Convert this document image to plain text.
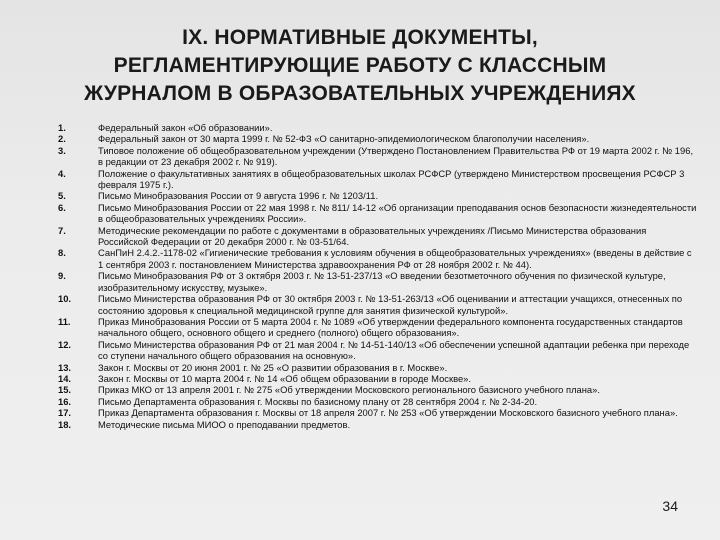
IX. НОРМАТИВНЫЕ ДОКУМЕНТЫ,
РЕГЛАМЕНТИРУЮЩИЕ РАБОТУ С КЛАССНЫМ
ЖУРНАЛОМ В ОБРАЗОВАТЕЛЬНЫХ УЧРЕЖДЕНИЯХ
1.	Федеральный закон «Об образовании».
2.	Федеральный закон от 30 марта 1999 г. № 52-ФЗ «О санитарно-эпидемиологическом благополучии населения».
3.	Типовое положение об общеобразовательном учреждении (Утверждено Постановлением Правительства РФ от 19 марта 2002 г. № 196, в редакции от 23 декабря 2002 г. № 919).
4.	Положение о факультативных занятиях в общеобразовательных школах РСФСР (утверждено Министерством просвещения РСФСР 3 февраля 1975 г.).
5.	Письмо Минобразования России от 9 августа 1996 г. № 1203/11.
6.	Письмо Минобразования России от 22 мая 1998 г. № 811/ 14-12 «Об организации преподавания основ безопасности жизнедеятельности в общеобразовательных учреждениях России».
7.	Методические рекомендации по работе с документами в образовательных учреждениях /Письмо Министерства образования Российской Федерации от 20 декабря 2000 г. № 03-51/64.
8.	СанПиН 2.4.2.-1178-02 «Гигиенические требования к условиям обучения в общеобразовательных учреждениях» (введены в действие с 1 сентября 2003 г. постановлением Министерства здравоохранения РФ от 28 ноября 2002 г. № 44).
9.	Письмо Минобразования РФ от 3 октября 2003 г. № 13-51-237/13 «О введении безотметочного обучения по физической культуре, изобразительному искусству, музыке».
10.	Письмо Министерства образования РФ от 30 октября 2003 г. № 13-51-263/13 «Об оценивании и аттестации учащихся, отнесенных по состоянию здоровья к специальной медицинской группе для занятия физической культурой».
11.	Приказ Минобразования России от 5 марта 2004 г. № 1089 «Об утверждении федерального компонента государственных стандартов начального общего, основного общего и среднего (полного) общего образования».
12.	Письмо Министерства образования РФ от 21 мая 2004 г. № 14-51-140/13 «Об обеспечении успешной адаптации ребенка при переходе со ступени начального общего образования на основную».
13.	Закон г. Москвы от 20 июня 2001 г. № 25 «О развитии образования в г. Москве».
14.	Закон г. Москвы от 10 марта 2004 г. № 14 «Об общем образовании в городе Москве».
15.	Приказ МКО от 13 апреля 2001 г. № 275 «Об утверждении Московского регионального базисного учебного плана».
16.	Письмо Департамента образования г. Москвы по базисному плану от 28 сентября 2004 г. № 2-34-20.
17.	Приказ Департамента образования г. Москвы от 18 апреля 2007 г. № 253 «Об утверждении Московского базисного учебного плана».
18.	Методические письма МИОО о преподавании предметов.
34
